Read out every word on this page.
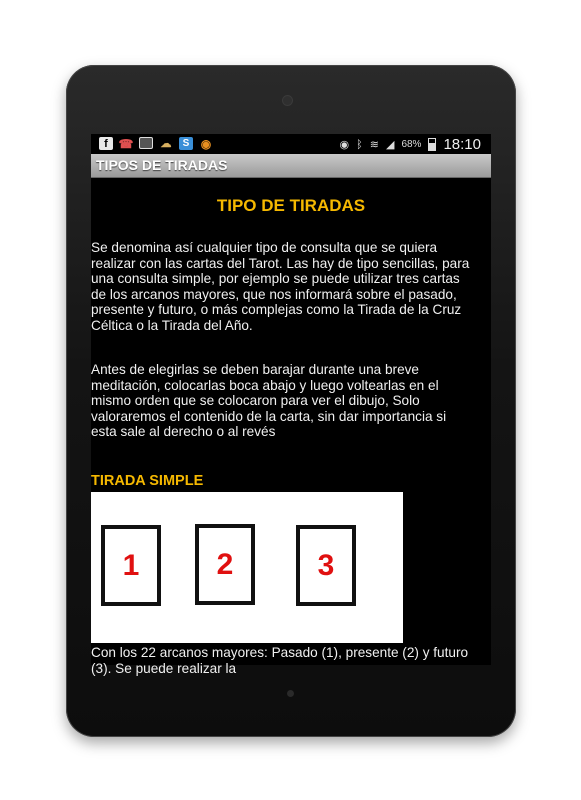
f ☎ ☁	S ◉	◉ ᛒ ≋ ◢ 68% 18:10
TIPOS DE TIRADAS
TIPO DE TIRADAS
Se denomina así cualquier tipo de consulta que se quiera realizar con las cartas del Tarot. Las hay de tipo sencillas, para una consulta simple, por ejemplo se puede utilizar tres cartas de los arcanos mayores, que nos informará sobre el pasado, presente y futuro, o más complejas como la Tirada de la Cruz Céltica o la Tirada del Año.
Antes de elegirlas se deben barajar durante una breve meditación, colocarlas boca abajo y luego voltearlas en el mismo orden que se colocaron para ver el dibujo, Solo valoraremos el contenido de la carta, sin dar importancia si esta sale al derecho o al revés
TIRADA SIMPLE
1	2	3
Con los 22 arcanos mayores: Pasado (1), presente (2) y futuro (3). Se puede realizar la
